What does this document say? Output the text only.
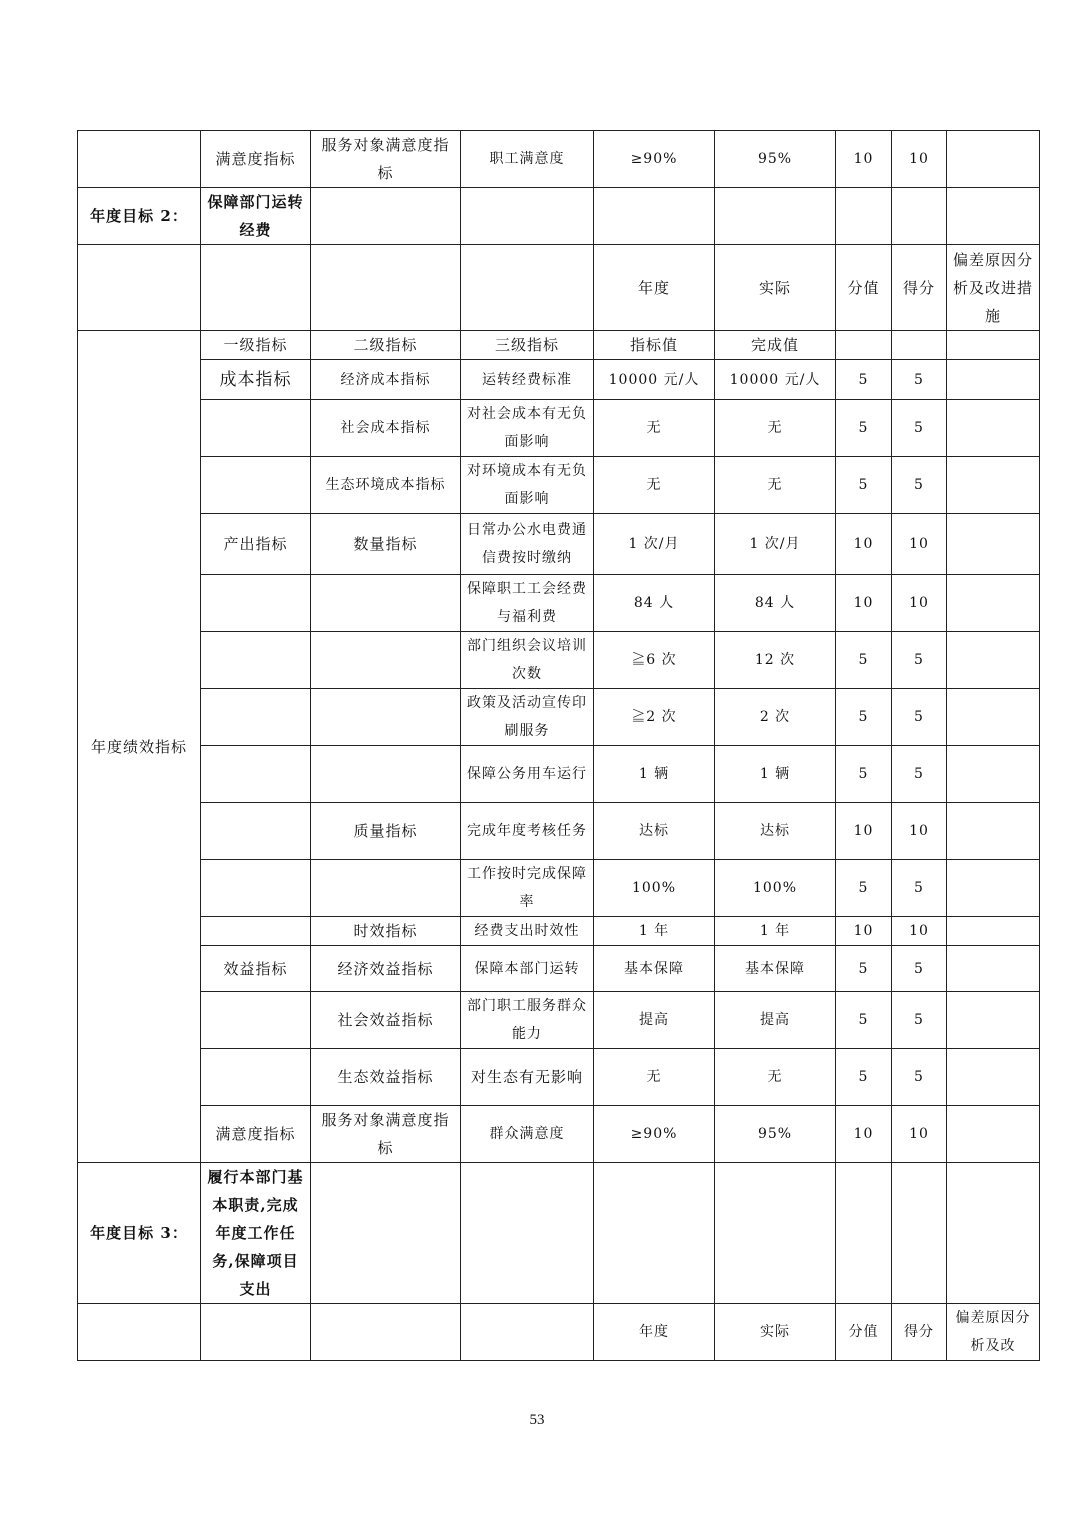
	满意度指标	服务对象满意度指标	职工满意度	≥90%	95%	10	10	
年度目标 2：	保障部门运转经费							
				年度	实际	分值	得分	偏差原因分析及改进措施
年度绩效指标	一级指标	二级指标	三级指标	指标值	完成值			
	成本指标	经济成本指标	运转经费标准	10000 元/人	10000 元/人	5	5	
		社会成本指标	对社会成本有无负面影响	无	无	5	5	
		生态环境成本指标	对环境成本有无负面影响	无	无	5	5	
	产出指标	数量指标	日常办公水电费通信费按时缴纳	1 次/月	1 次/月	10	10	
			保障职工工会经费与福利费	84 人	84 人	10	10	
			部门组织会议培训次数	≧6 次	12 次	5	5	
			政策及活动宣传印刷服务	≧2 次	2 次	5	5	
			保障公务用车运行	1 辆	1 辆	5	5	
		质量指标	完成年度考核任务	达标	达标	10	10	
			工作按时完成保障率	100%	100%	5	5	
		时效指标	经费支出时效性	1 年	1 年	10	10	
	效益指标	经济效益指标	保障本部门运转	基本保障	基本保障	5	5	
		社会效益指标	部门职工服务群众能力	提高	提高	5	5	
		生态效益指标	对生态有无影响	无	无	5	5	
	满意度指标	服务对象满意度指标	群众满意度	≥90%	95%	10	10	
年度目标 3：	履行本部门基本职责,完成年度工作任务,保障项目支出							
				年度	实际	分值	得分	偏差原因分析及改
53
